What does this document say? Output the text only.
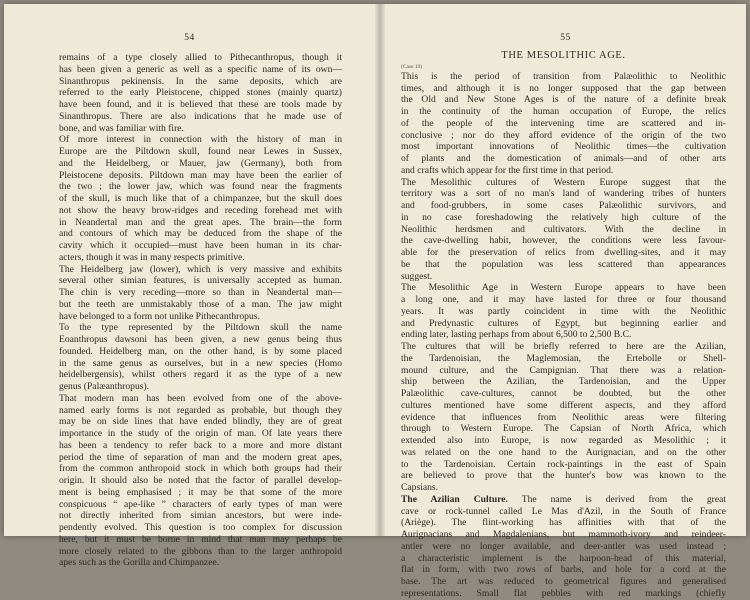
54
remains of a type closely allied to Pithecanthropus, though it
has been given a generic as well as a specific name of its own—
Sinanthropus pekinensis. In the same deposits, which are
referred to the early Pleistocene, chipped stones (mainly quartz)
have been found, and it is believed that these are tools made by
Sinanthropus. There are also indications that he made use of
bone, and was familiar with fire.
Of more interest in connection with the history of man in
Europe are the Piltdown skull, found near Lewes in Sussex,
and the Heidelberg, or Mauer, jaw (Germany), both from
Pleistocene deposits. Piltdown man may have been the earlier of
the two ; the lower jaw, which was found near the fragments
of the skull, is much like that of a chimpanzee, but the skull does
not show the heavy brow-ridges and receding forehead met with
in Neandertal man and the great apes. The brain—the form
and contours of which may be deduced from the shape of the
cavity which it occupied—must have been human in its char-
acters, though it was in many respects primitive.
The Heidelberg jaw (lower), which is very massive and exhibits
several other simian features, is universally accepted as human.
The chin is very receding—more so than in Neandertal man—
but the teeth are unmistakably those of a man. The jaw might
have belonged to a form not unlike Pithecanthropus.
To the type represented by the Piltdown skull the name
Eoanthropus dawsoni has been given, a new genus being thus
founded. Heidelberg man, on the other hand, is by some placed
in the same genus as ourselves, but in a new species (Homo
heidelbergensis), whilst others regard it as the type of a new
genus (Palæanthropus).
That modern man has been evolved from one of the above-
named early forms is not regarded as probable, but though they
may be on side lines that have ended blindly, they are of great
importance in the study of the origin of man. Of late years there
has been a tendency to refer back to a more and more distant
period the time of separation of man and the modern great apes,
from the common anthropoid stock in which both groups had their
origin. It should also be noted that the factor of parallel develop-
ment is being emphasised ; it may be that some of the more
conspicuous “ ape-like ” characters of early types of man were
not directly inherited from simian ancestors, but were inde-
pendently evolved. This question is too complex for discussion
here, but it must be borne in mind that man may perhaps be
more closely related to the gibbons than to the larger anthropoid
apes such as the Gorilla and Chimpanzee.
55
THE MESOLITHIC AGE.

(Case 19)

This is the period of transition from Palæolithic to Neolithic
times, and although it is no longer supposed that the gap between
the Old and New Stone Ages is of the nature of a definite break
in the continuity of the human occupation of Europe, the relics
of the people of the intervening time are scattered and in-
conclusive ; nor do they afford evidence of the origin of the two
most important innovations of Neolithic times—the cultivation
of plants and the domestication of animals—and of other arts
and crafts which appear for the first time in that period.
The Mesolithic cultures of Western Europe suggest that the
territory was a sort of no man's land of wandering tribes of hunters
and food-grubbers, in some cases Palæolithic survivors, and
in no case foreshadowing the relatively high culture of the
Neolithic herdsmen and cultivators. With the decline in
the cave-dwelling habit, however, the conditions were less favour-
able for the preservation of relics from dwelling-sites, and it may
be that the population was less scattered than appearances
suggest.
The Mesolithic Age in Western Europe appears to have been
a long one, and it may have lasted for three or four thousand
years. It was partly coincident in time with the Neolithic
and Predynastic cultures of Egypt, but beginning earlier and
ending later, lasting perhaps from about 6,500 to 2,500 B.C.
The cultures that will be briefly referred to here are the Azilian,
the Tardenoisian, the Maglemosian, the Ertebolle or Shell-
mound culture, and the Campignian. That there was a relation-
ship between the Azilian, the Tardenoisian, and the Upper
Palæolithic cave-cultures, cannot be doubted, but the other
cultures mentioned have some different aspects, and they afford
evidence that influences from Neolithic areas were filtering
through to Western Europe. The Capsian of North Africa, which
extended also into Europe, is now regarded as Mesolithic ; it
was related on the one hand to the Aurignacian, and on the other
to the Tardenoisian. Certain rock-paintings in the east of Spain
are believed to prove that the hunter's bow was known to the
Capsians.
The Azilian Culture. The name is derived from the great
cave or rock-tunnel called Le Mas d'Azil, in the South of France
(Ariège). The flint-working has affinities with that of the
Aurignacians and Magdalenians, but mammoth-ivory and reindeer-
antler were no longer available, and deer-antler was used instead ;
a characteristic implement is the harpoon-head of this material,
flat in form, with two rows of barbs, and hole for a cord at the
base. The art was reduced to geometrical figures and generalised
representations. Small flat pebbles with red markings (chiefly
